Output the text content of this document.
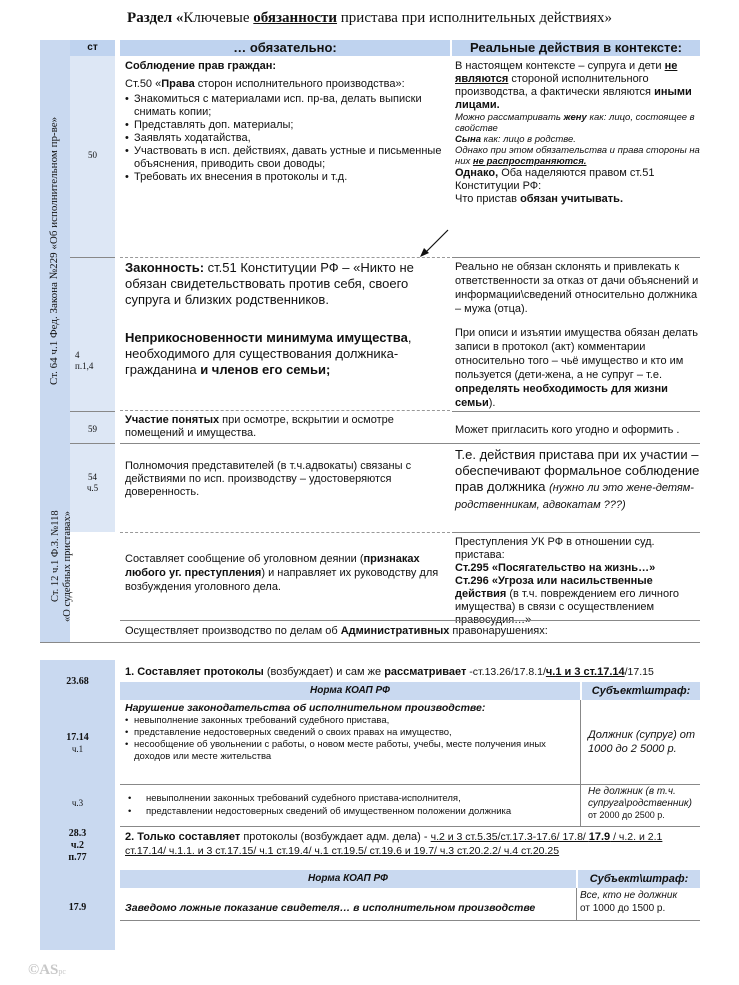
Раздел «Ключевые обязанности пристава при исполнительных действиях»
Ст. 64 ч.1 Фед. Закона №229 «Об исполнительном пр-ве»
Ст. 12 ч.1 Ф.З. №118 «О судебных приставах»
ст	… обязательно:	Реальные действия в контексте:
50
Соблюдение прав граждан:
Ст.50 «Права сторон исполнительного производства»:
• Знакомиться с материалами исп. пр-ва, делать выписки снимать копии;
• Представлять доп. материалы;
• Заявлять ходатайства,
• Участвовать в исп. действиях, давать устные и письменные объяснения, приводить свои доводы;
• Требовать их внесения в протоколы и т.д.
В настоящем контексте – супруга и дети не являются стороной исполнительного производства, а фактически являются иными лицами.
Можно рассматривать жену как: лицо, состоящее в свойстве
Сына как: лицо в родстве.
Однако при этом обязательства и права стороны на них не распространяются.
Однако, Оба наделяются правом ст.51 Конституции РФ:
Что пристав обязан учитывать.
4
п.1,4
Законность: ст.51 Конституции РФ – «Никто не обязан свидетельствовать против себя, своего супруга и близких родственников.
Неприкосновенности минимума имущества, необходимого для существования должника-гражданина и членов его семьи;
Реально не обязан склонять и привлекать к ответственности за отказ от дачи объяснений и информации\сведений относительно должника – мужа (отца).
При описи и изъятии имущества обязан делать записи в протокол (акт) комментарии относительно того – чьё имущество и кто им пользуется (дети-жена, а не супруг – т.е. определять необходимость для жизни семьи).
59
Участие понятых при осмотре, вскрытии и осмотре помещений и имущества.	Может пригласить кого угодно и оформить .
54
ч.5
Полномочия представителей (в т.ч.адвокаты) связаны с действиями по исп. производству – удостоверяются доверенность.
Т.е. действия пристава при их участии – обеспечивают формальное соблюдение прав должника (нужно ли это жене-детям-родственникам, адвокатам ???)
Составляет сообщение об уголовном деянии (признаках любого уг. преступления) и направляет их руководству для возбуждения уголовного дела.
Преступления УК РФ в отношении суд. пристава:
Ст.295 «Посягательство на жизнь…»
Ст.296 «Угроза или насильственные действия (в т.ч. повреждением его личного имущества) в связи с осуществлением правосудия…»
Осуществляет производство по делам об Административных правонарушениях:
23.68
1. Составляет протоколы (возбуждает) и сам же рассматривает -ст.13.26/17.8.1/ч.1 и 3 ст.17.14/17.15
Норма КОАП РФ	Субъект\штраф:
17.14
ч.1
Нарушение законодательства об исполнительном производстве:
• невыполнение законных требований судебного пристава,
• представление недостоверных сведений о своих правах на имущество,
• несообщение об увольнении с работы, о новом месте работы, учебы, месте получения иных доходов или месте жительства
Должник (супруг) от 1000 до 2 5000 р.
ч.3
•	невыполнении законных требований судебного пристава-исполнителя,
• представлении недостоверных сведений об имущественном положении должника
Не должник (в т.ч. супруга\родственник)
от 2000 до 2500 р.
28.3
ч.2
п.77
2. Только составляет протоколы (возбуждает адм. дела) - ч.2 и 3 ст.5.35/ст.17.3-17.6/ 17.8/ 17.9 / ч.2. и 2.1 ст.17.14/ ч.1.1. и 3 ст.17.15/ ч.1 ст.19.4/ ч.1 ст.19.5/ ст.19.6 и 19.7/ ч.3 ст.20.2.2/ ч.4 ст.20.25
Норма КОАП РФ	Субъект\штраф:
17.9	Заведомо ложные показание свидетеля… в исполнительном производстве
Все, кто не должник
от 1000 до 1500 р.
©ASpc
